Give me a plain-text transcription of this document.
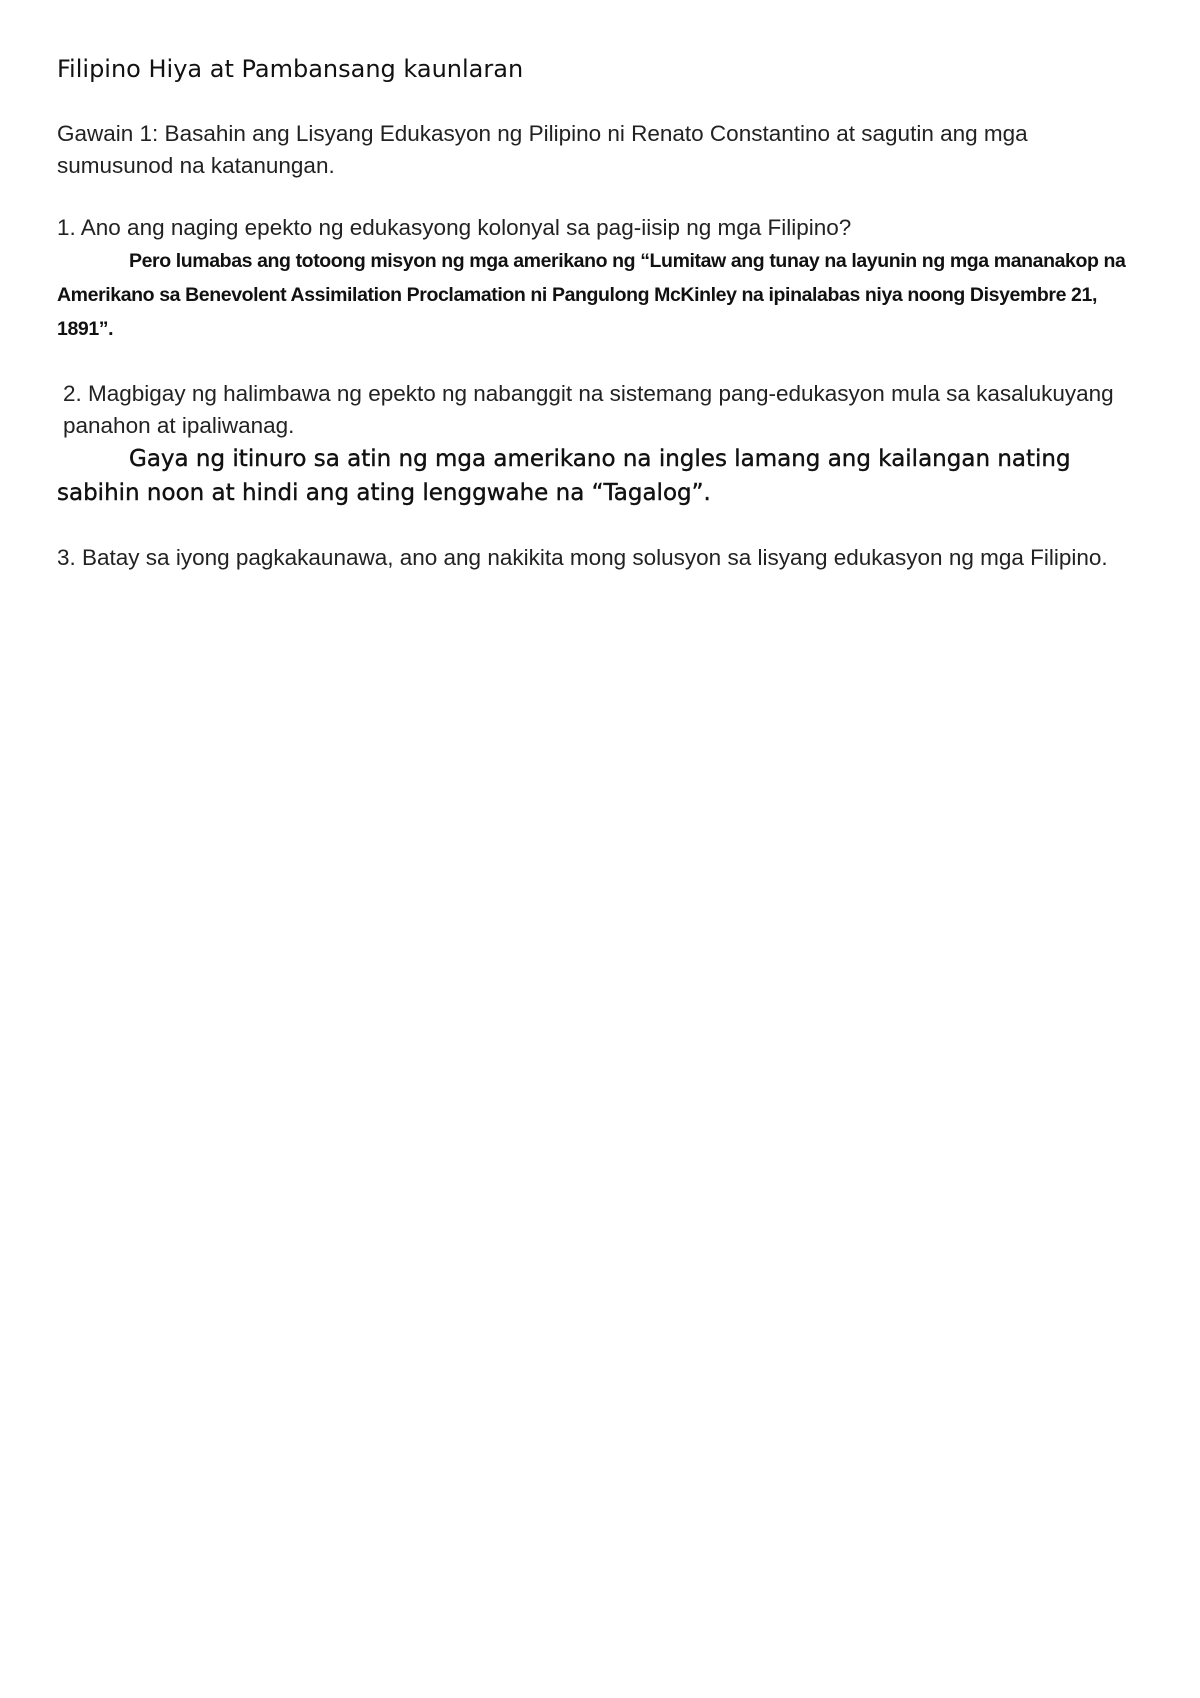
Filipino Hiya at Pambansang kaunlaran

Gawain 1: Basahin ang Lisyang Edukasyon ng Pilipino ni Renato Constantino at sagutin ang mga sumusunod na katanungan.

1. Ano ang naging epekto ng edukasyong kolonyal sa pag-iisip ng mga Filipino?

Pero lumabas ang totoong misyon ng mga amerikano ng “Lumitaw ang tunay na layunin ng mga mananakop na Amerikano sa Benevolent Assimilation Proclamation ni Pangulong McKinley na ipinalabas niya noong Disyembre 21, 1891”.

2. Magbigay ng halimbawa ng epekto ng nabanggit na sistemang pang-edukasyon mula sa kasalukuyang panahon at ipaliwanag.

Gaya ng itinuro sa atin ng mga amerikano na ingles lamang ang kailangan nating sabihin noon at hindi ang ating lenggwahe na “Tagalog”.

3. Batay sa iyong pagkakaunawa, ano ang nakikita mong solusyon sa lisyang edukasyon ng mga Filipino.
